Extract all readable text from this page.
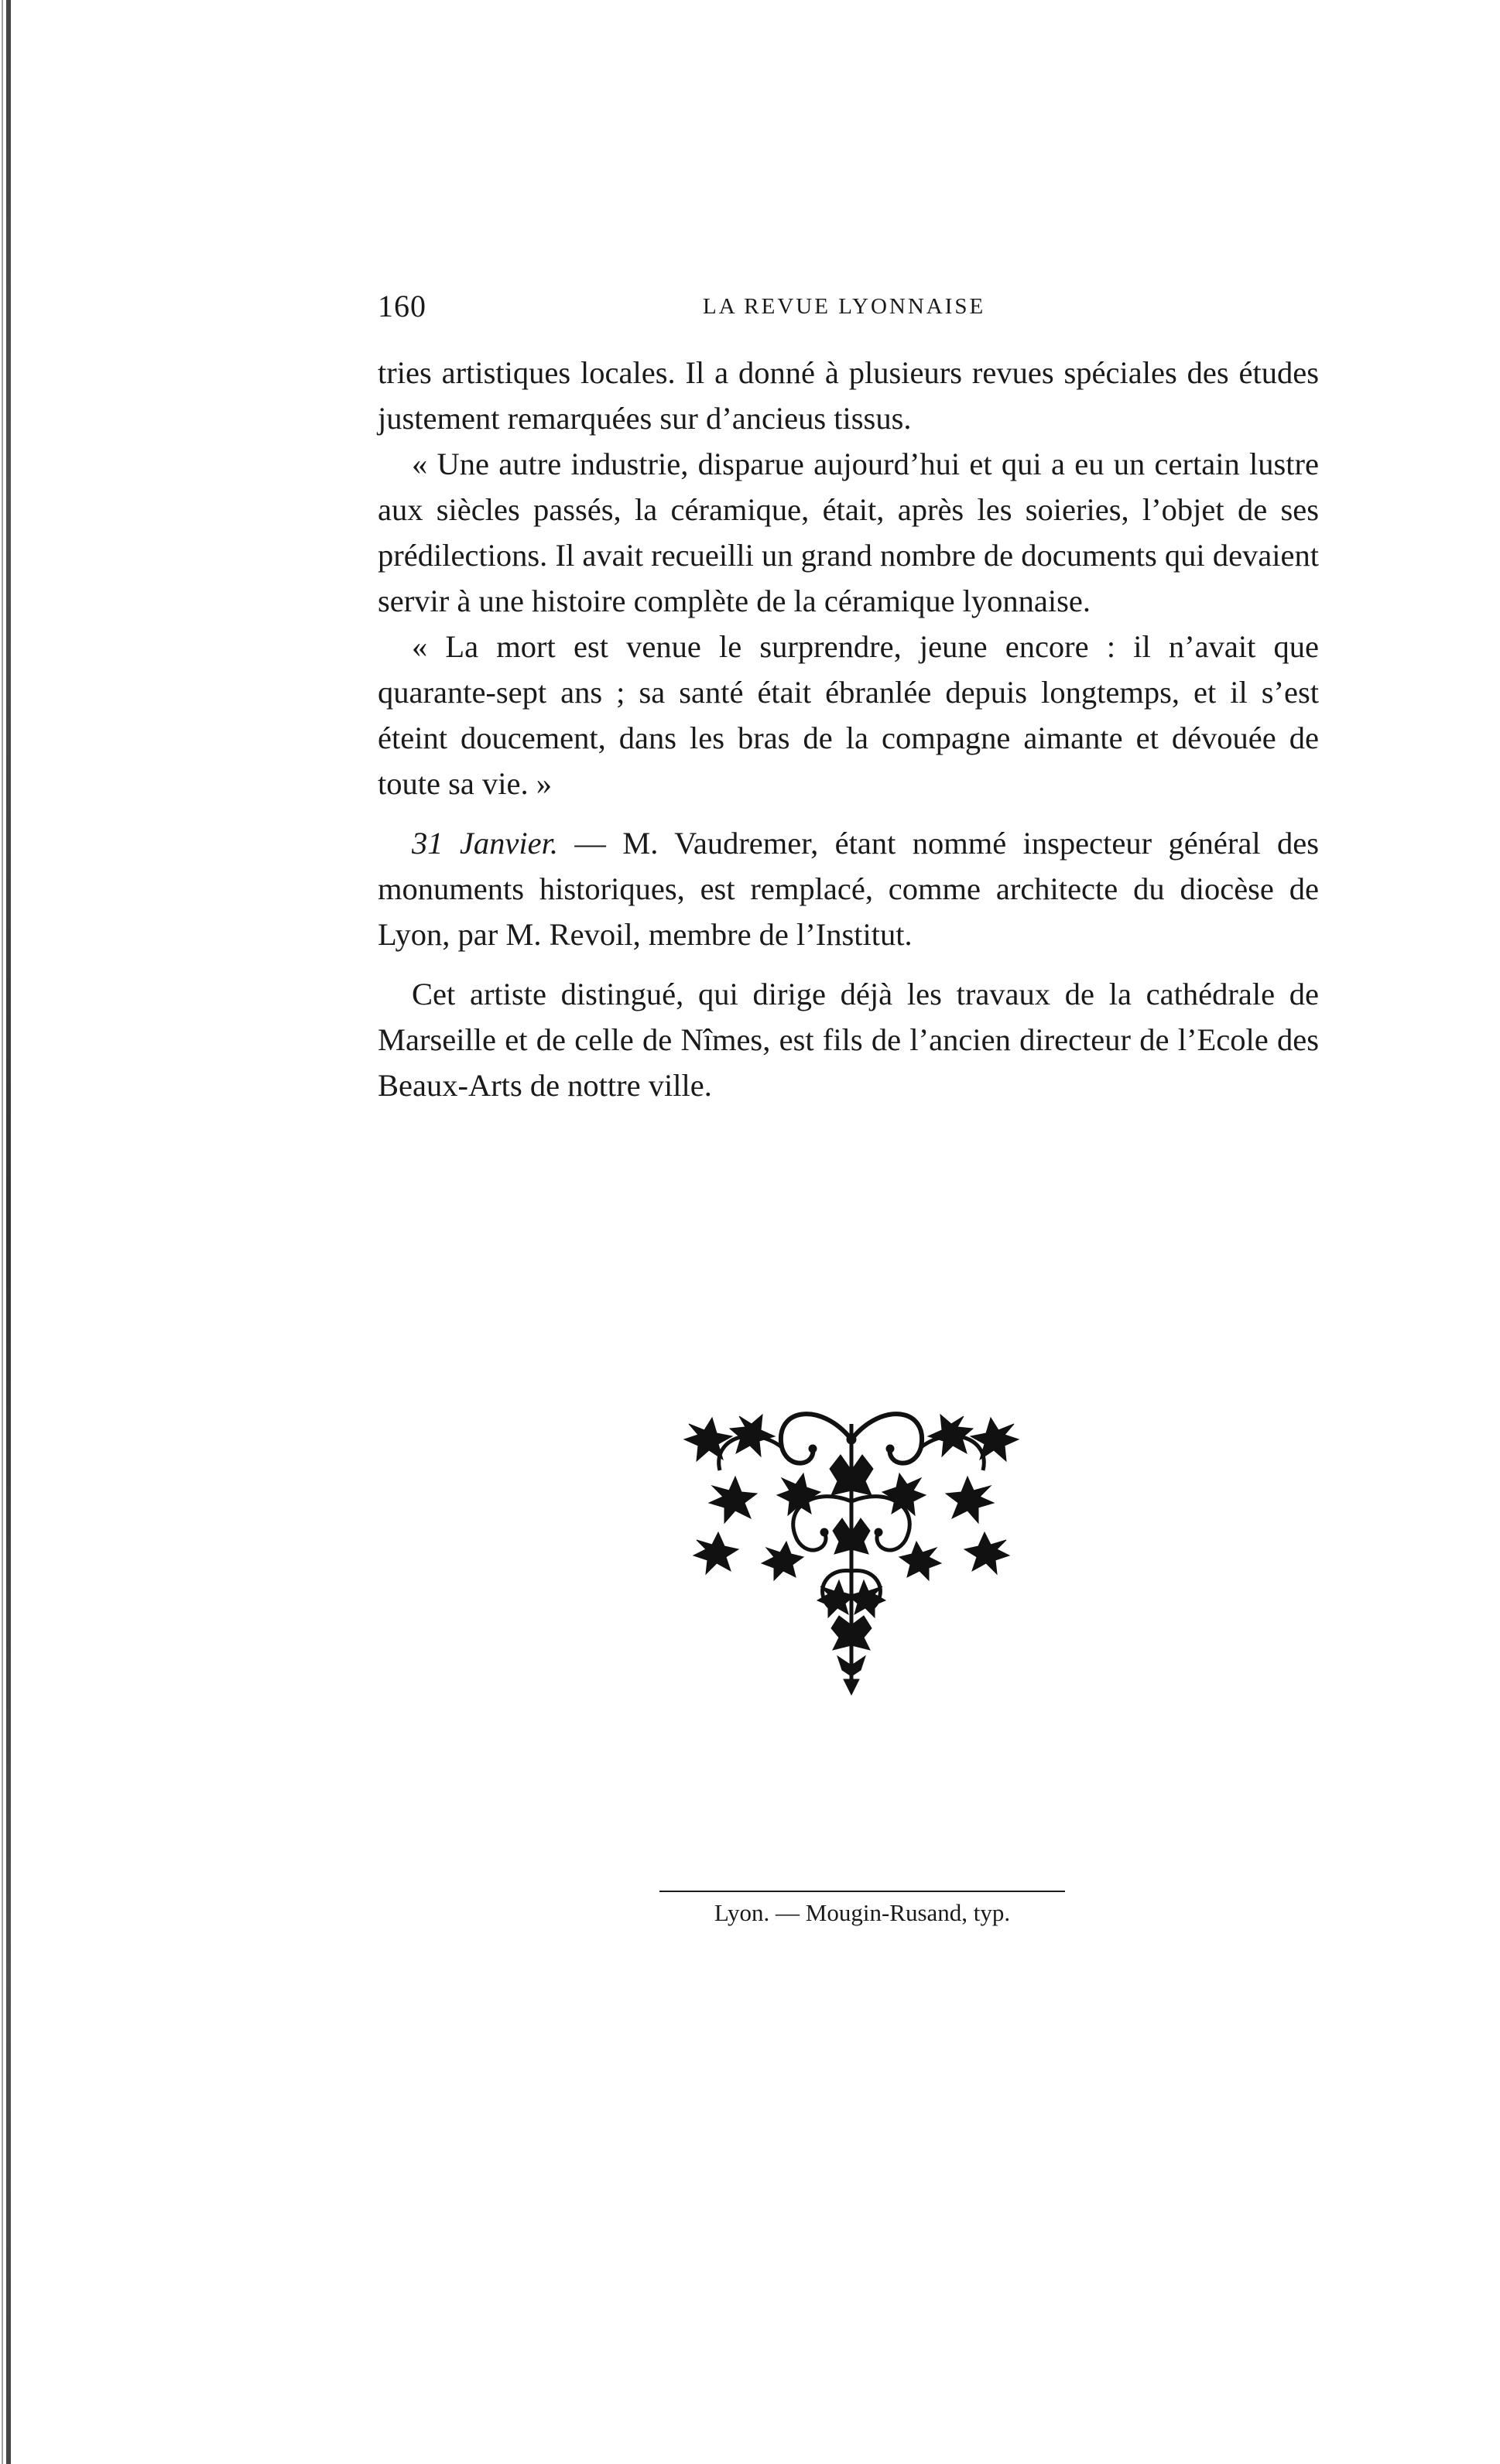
160	LA REVUE LYONNAISE

tries artistiques locales. Il a donné à plusieurs revues spéciales des études justement remarquées sur d’ancieus tissus.

« Une autre industrie, disparue aujourd’hui et qui a eu un certain lustre aux siècles passés, la céramique, était, après les soieries, l’objet de ses prédilections. Il avait recueilli un grand nombre de documents qui devaient servir à une histoire complète de la céramique lyonnaise.

« La mort est venue le surprendre, jeune encore : il n’avait que quarante-sept ans ; sa santé était ébranlée depuis longtemps, et il s’est éteint doucement, dans les bras de la compagne aimante et dévouée de toute sa vie. »

31 Janvier. — M. Vaudremer, étant nommé inspecteur général des monuments historiques, est remplacé, comme architecte du diocèse de Lyon, par M. Revoil, membre de l’Institut.

Cet artiste distingué, qui dirige déjà les travaux de la cathédrale de Marseille et de celle de Nîmes, est fils de l’ancien directeur de l’Ecole des Beaux-Arts de nottre ville.

Lyon. — Mougin-Rusand, typ.
